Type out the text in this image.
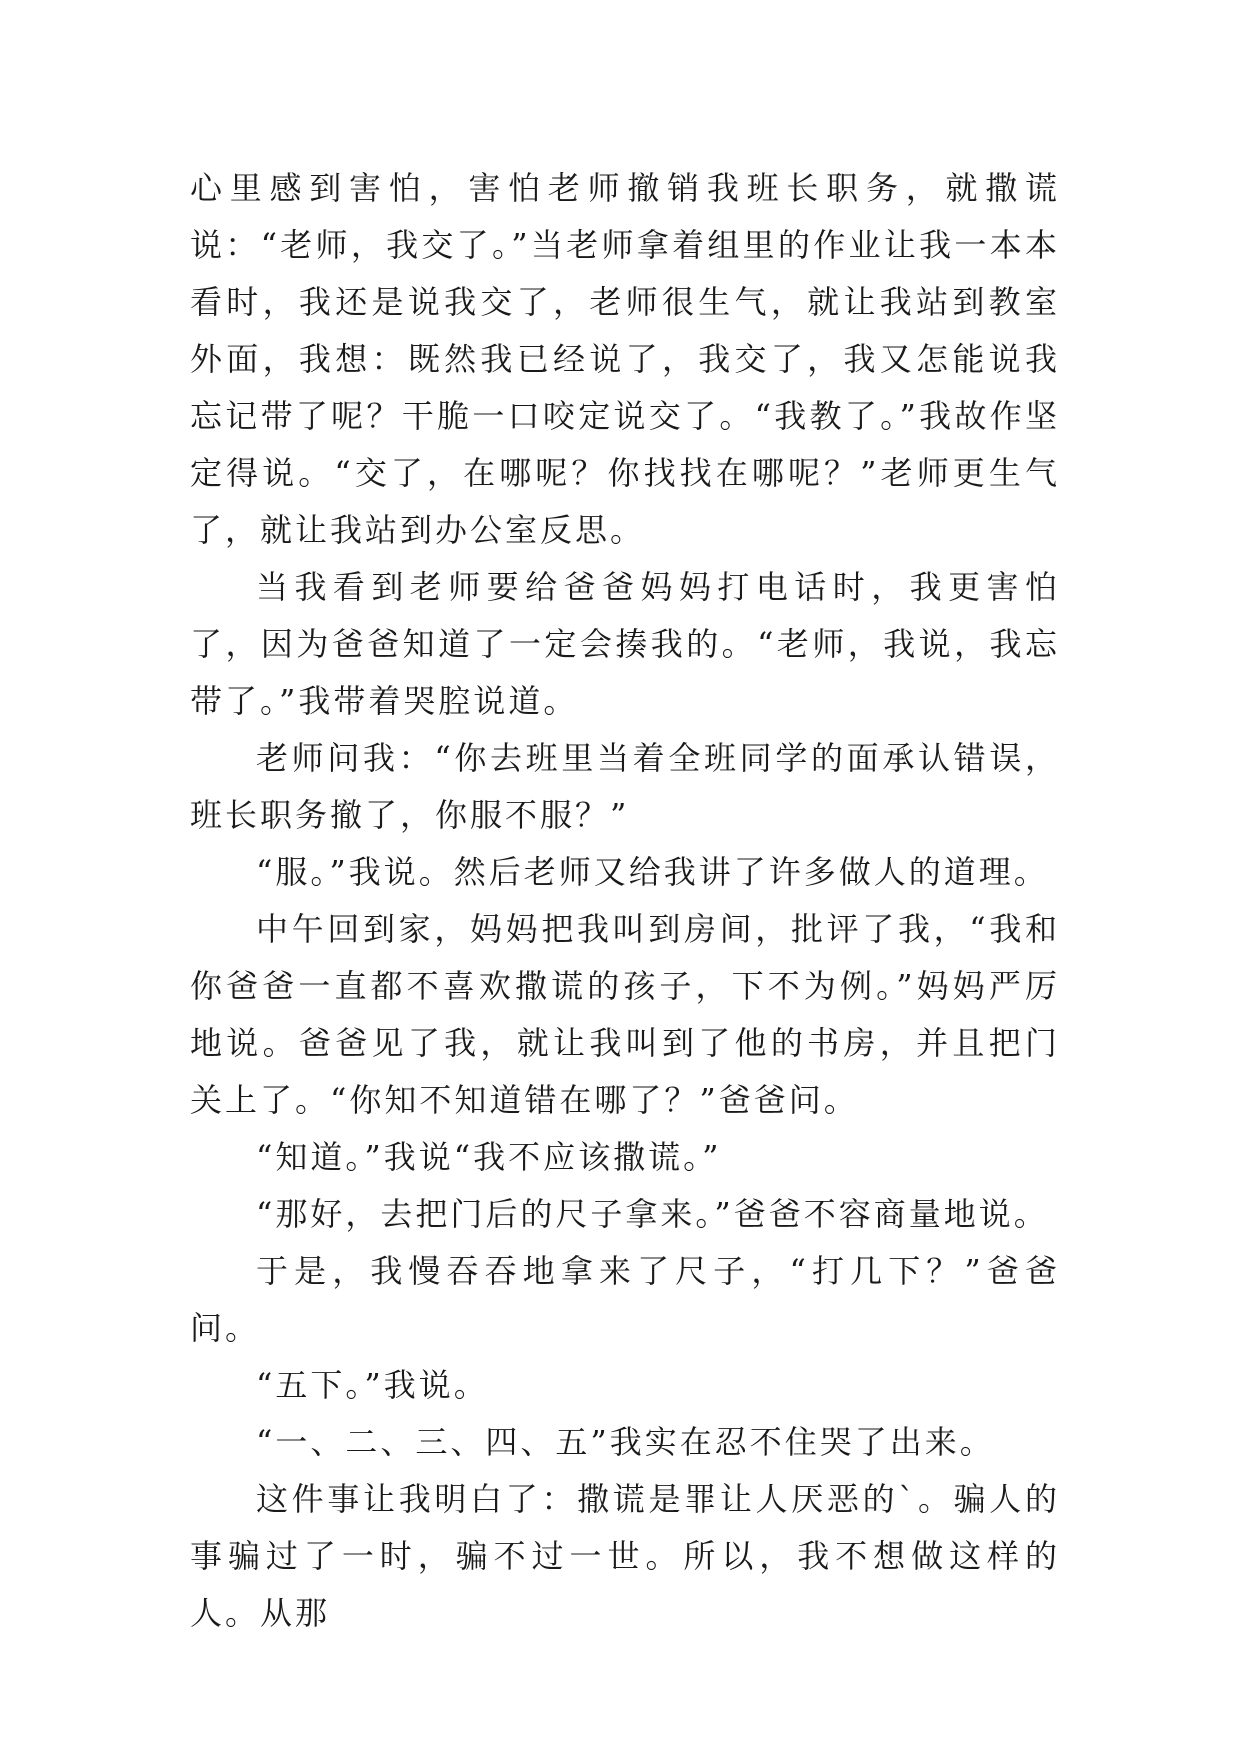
心里感到害怕，害怕老师撤销我班长职务，就撒谎说：“老师，我交了。”当老师拿着组里的作业让我一本本看时，我还是说我交了，老师很生气，就让我站到教室外面，我想：既然我已经说了，我交了，我又怎能说我忘记带了呢？干脆一口咬定说交了。“我教了。”我故作坚定得说。“交了，在哪呢？你找找在哪呢？”老师更生气了，就让我站到办公室反思。

当我看到老师要给爸爸妈妈打电话时，我更害怕了，因为爸爸知道了一定会揍我的。“老师，我说，我忘带了。”我带着哭腔说道。

老师问我：“你去班里当着全班同学的面承认错误，班长职务撤了，你服不服？”

“服。”我说。然后老师又给我讲了许多做人的道理。

中午回到家，妈妈把我叫到房间，批评了我，“我和你爸爸一直都不喜欢撒谎的孩子，下不为例。”妈妈严厉地说。爸爸见了我，就让我叫到了他的书房，并且把门关上了。“你知不知道错在哪了？”爸爸问。

“知道。”我说“我不应该撒谎。”

“那好，去把门后的尺子拿来。”爸爸不容商量地说。

于是，我慢吞吞地拿来了尺子，“打几下？”爸爸问。

“五下。”我说。

“一、二、三、四、五”我实在忍不住哭了出来。

这件事让我明白了：撒谎是罪让人厌恶的`。骗人的事骗过了一时，骗不过一世。所以，我不想做这样的人。从那
